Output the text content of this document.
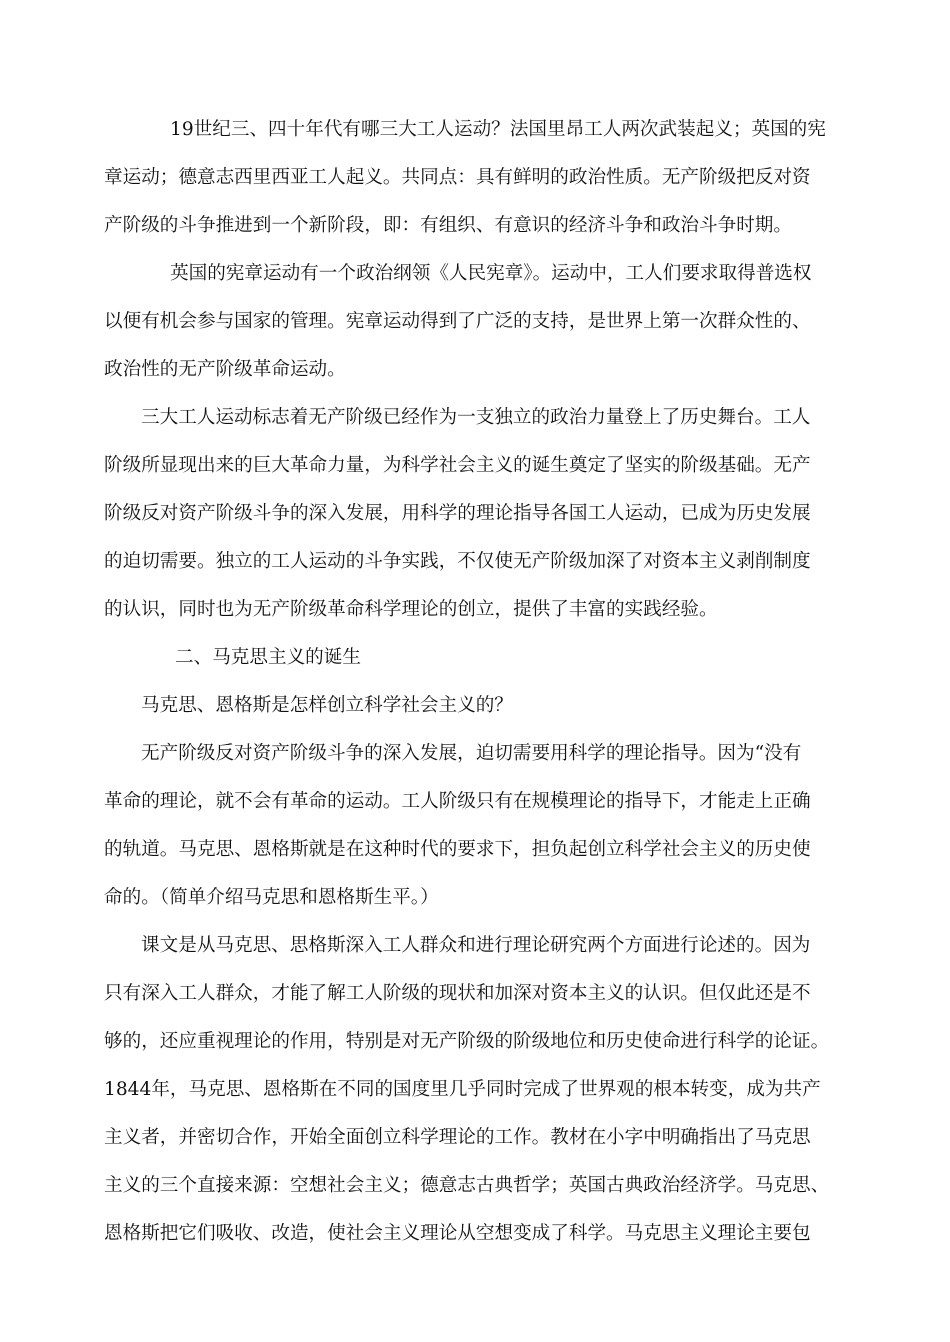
19世纪三、四十年代有哪三大工人运动？法国里昂工人两次武装起义；英国的宪
章运动；德意志西里西亚工人起义。共同点：具有鲜明的政治性质。无产阶级把反对资
产阶级的斗争推进到一个新阶段，即：有组织、有意识的经济斗争和政治斗争时期。
英国的宪章运动有一个政治纲领《人民宪章》。运动中，工人们要求取得普选权
以便有机会参与国家的管理。宪章运动得到了广泛的支持，是世界上第一次群众性的、
政治性的无产阶级革命运动。
三大工人运动标志着无产阶级已经作为一支独立的政治力量登上了历史舞台。工人
阶级所显现出来的巨大革命力量，为科学社会主义的诞生奠定了坚实的阶级基础。无产
阶级反对资产阶级斗争的深入发展，用科学的理论指导各国工人运动，已成为历史发展
的迫切需要。独立的工人运动的斗争实践，不仅使无产阶级加深了对资本主义剥削制度
的认识，同时也为无产阶级革命科学理论的创立，提供了丰富的实践经验。
二、马克思主义的诞生
马克思、恩格斯是怎样创立科学社会主义的？
无产阶级反对资产阶级斗争的深入发展，迫切需要用科学的理论指导。因为“没有
革命的理论，就不会有革命的运动。工人阶级只有在规模理论的指导下，才能走上正确
的轨道。马克思、恩格斯就是在这种时代的要求下，担负起创立科学社会主义的历史使
命的。（简单介绍马克思和恩格斯生平。）
课文是从马克思、思格斯深入工人群众和进行理论研究两个方面进行论述的。因为
只有深入工人群众，才能了解工人阶级的现状和加深对资本主义的认识。但仅此还是不
够的，还应重视理论的作用，特别是对无产阶级的阶级地位和历史使命进行科学的论证。
1844年，马克思、恩格斯在不同的国度里几乎同时完成了世界观的根本转变，成为共产
主义者，并密切合作，开始全面创立科学理论的工作。教材在小字中明确指出了马克思
主义的三个直接来源：空想社会主义；德意志古典哲学；英国古典政治经济学。马克思、
恩格斯把它们吸收、改造，使社会主义理论从空想变成了科学。马克思主义理论主要包
